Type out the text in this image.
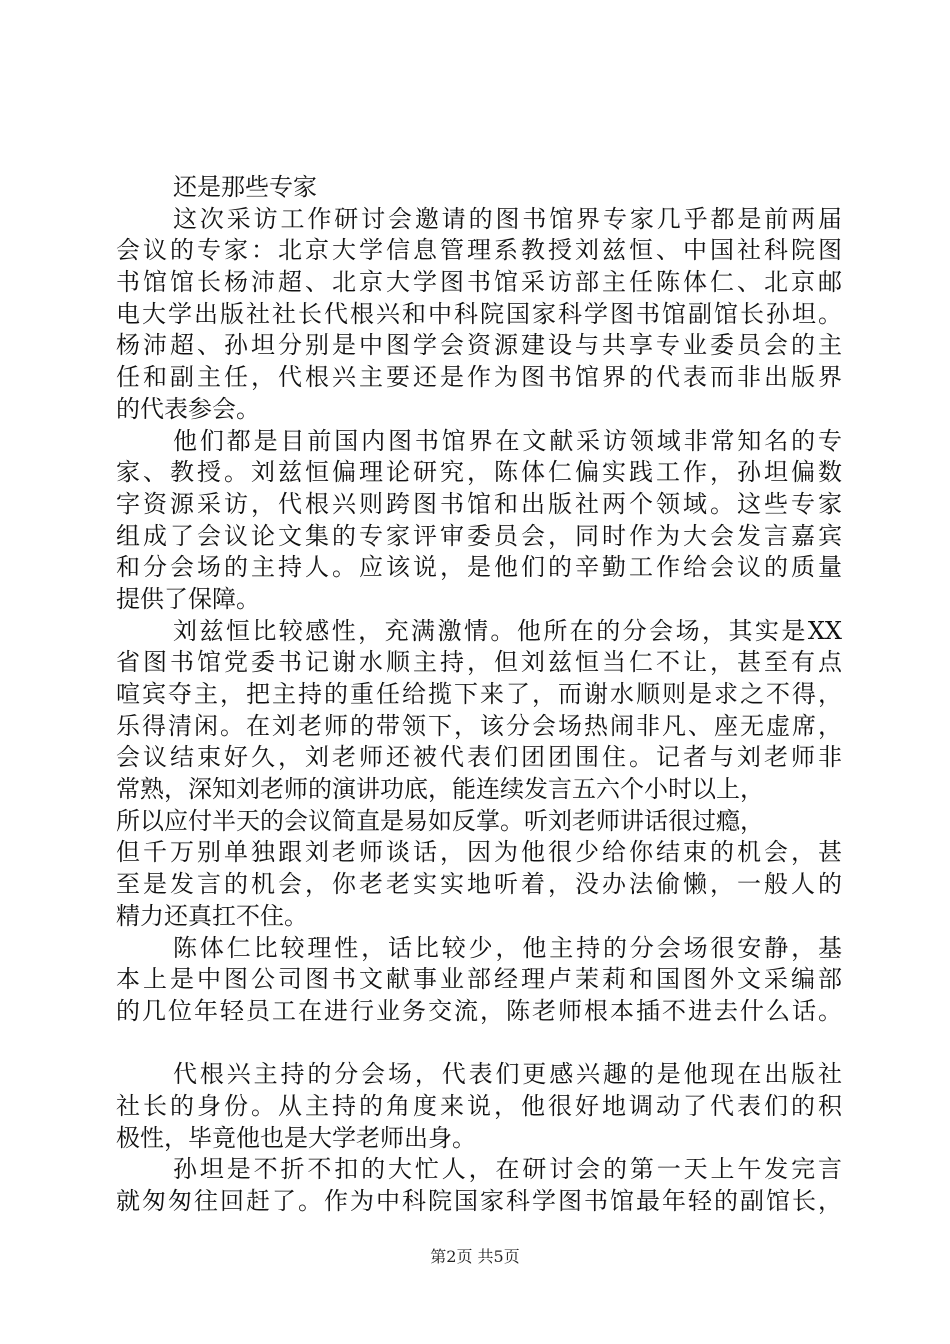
还是那些专家
这次采访工作研讨会邀请的图书馆界专家几乎都是前两届
会议的专家：北京大学信息管理系教授刘兹恒、中国社科院图
书馆馆长杨沛超、北京大学图书馆采访部主任陈体仁、北京邮
电大学出版社社长代根兴和中科院国家科学图书馆副馆长孙坦。
杨沛超、孙坦分别是中图学会资源建设与共享专业委员会的主
任和副主任，代根兴主要还是作为图书馆界的代表而非出版界
的代表参会。
他们都是目前国内图书馆界在文献采访领域非常知名的专
家、教授。刘兹恒偏理论研究，陈体仁偏实践工作，孙坦偏数
字资源采访，代根兴则跨图书馆和出版社两个领域。这些专家
组成了会议论文集的专家评审委员会，同时作为大会发言嘉宾
和分会场的主持人。应该说，是他们的辛勤工作给会议的质量
提供了保障。
刘兹恒比较感性，充满激情。他所在的分会场，其实是XX
省图书馆党委书记谢水顺主持，但刘兹恒当仁不让，甚至有点
喧宾夺主，把主持的重任给揽下来了，而谢水顺则是求之不得，
乐得清闲。在刘老师的带领下，该分会场热闹非凡、座无虚席，
会议结束好久，刘老师还被代表们团团围住。记者与刘老师非
常熟，深知刘老师的演讲功底，能连续发言五六个小时以上，
所以应付半天的会议简直是易如反掌。听刘老师讲话很过瘾，
但千万别单独跟刘老师谈话，因为他很少给你结束的机会，甚
至是发言的机会，你老老实实地听着，没办法偷懒，一般人的
精力还真扛不住。
陈体仁比较理性，话比较少，他主持的分会场很安静，基
本上是中图公司图书文献事业部经理卢茉莉和国图外文采编部
的几位年轻员工在进行业务交流，陈老师根本插不进去什么话。
代根兴主持的分会场，代表们更感兴趣的是他现在出版社
社长的身份。从主持的角度来说，他很好地调动了代表们的积
极性，毕竟他也是大学老师出身。
孙坦是不折不扣的大忙人，在研讨会的第一天上午发完言
就匆匆往回赶了。作为中科院国家科学图书馆最年轻的副馆长，
第2页 共5页
